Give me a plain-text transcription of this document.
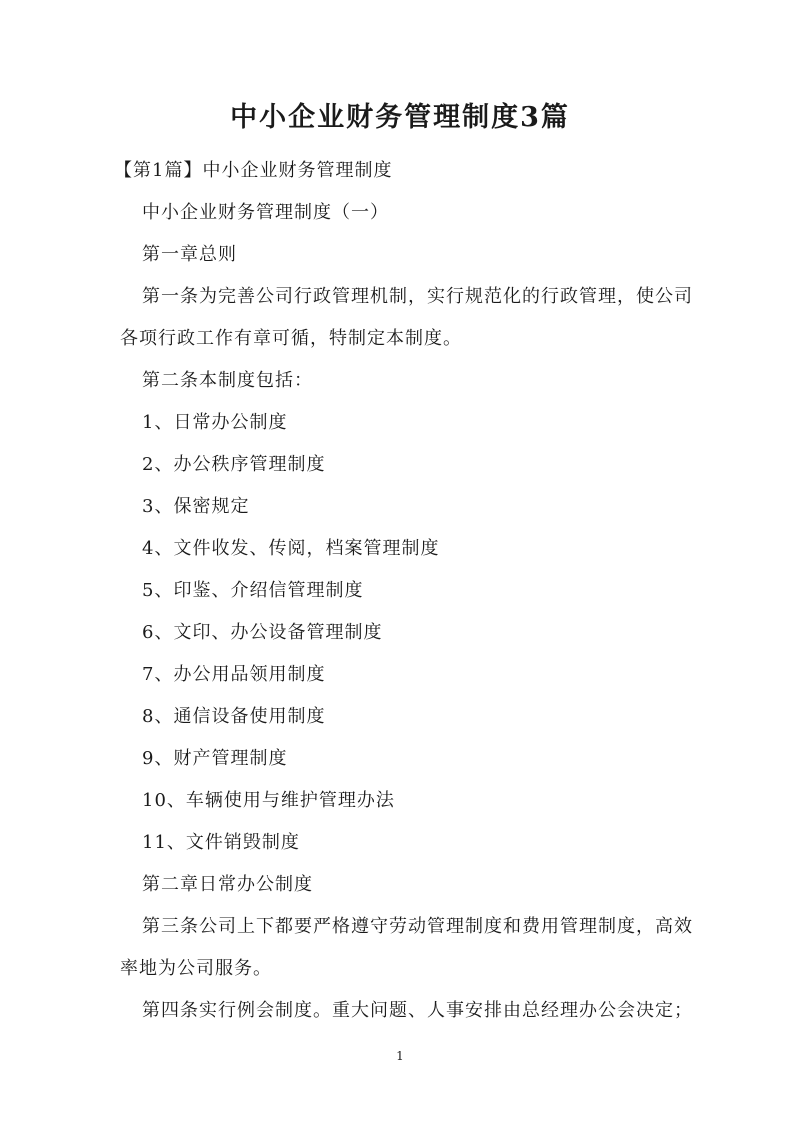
中小企业财务管理制度3篇

【第1篇】中小企业财务管理制度

中小企业财务管理制度（一）

第一章总则

第一条为完善公司行政管理机制，实行规范化的行政管理，使公司

各项行政工作有章可循，特制定本制度。

第二条本制度包括：

1、日常办公制度

2、办公秩序管理制度

3、保密规定

4、文件收发、传阅，档案管理制度

5、印鉴、介绍信管理制度

6、文印、办公设备管理制度

7、办公用品领用制度

8、通信设备使用制度

9、财产管理制度

10、车辆使用与维护管理办法

11、文件销毁制度

第二章日常办公制度

第三条公司上下都要严格遵守劳动管理制度和费用管理制度，高效

率地为公司服务。

第四条实行例会制度。重大问题、人事安排由总经理办公会决定；

1
